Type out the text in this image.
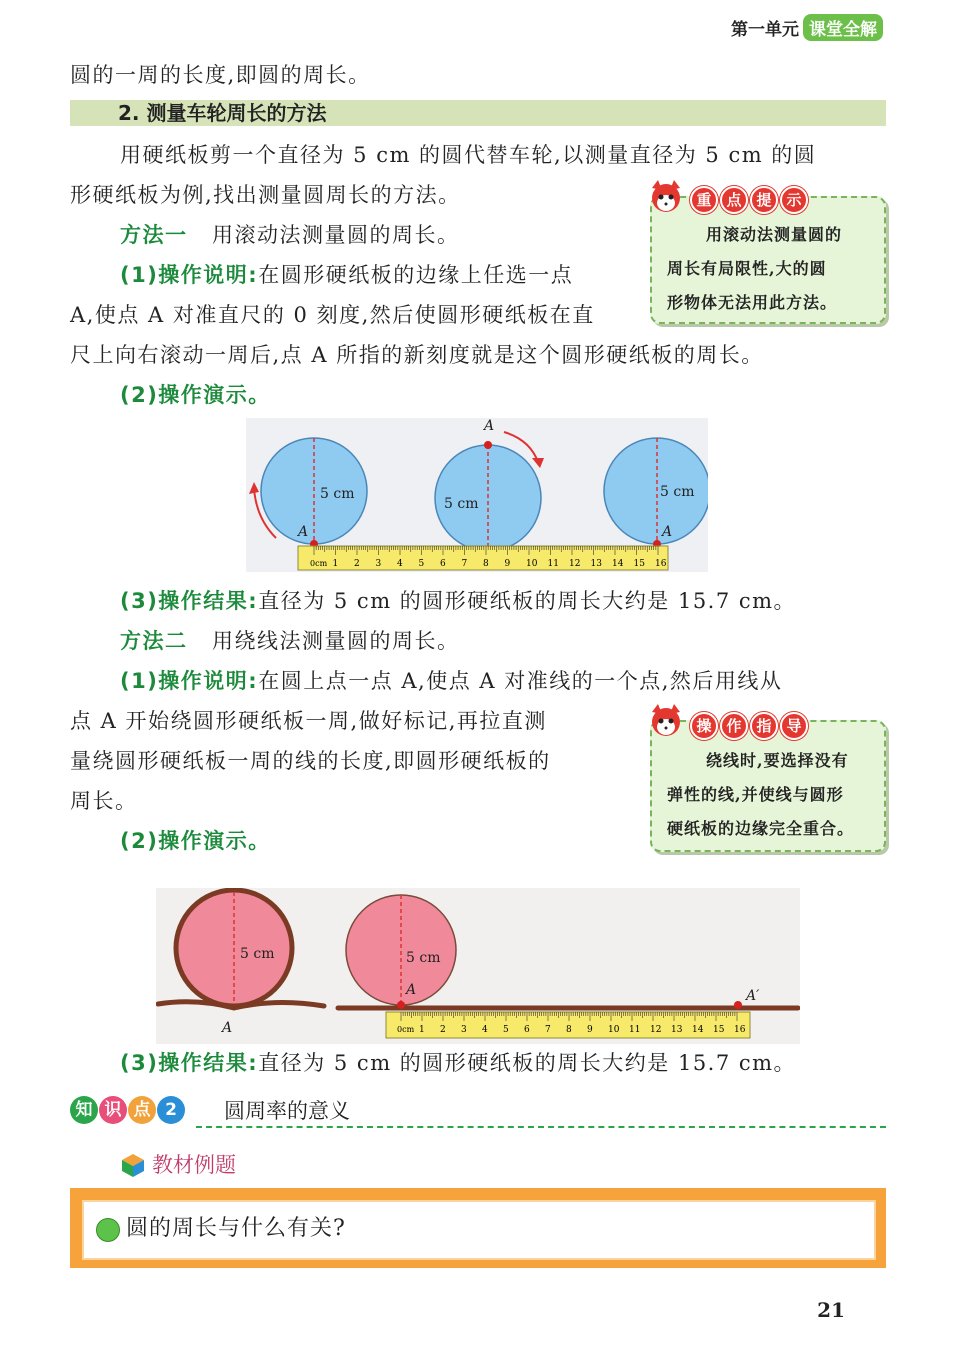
第一单元 课堂全解
圆的一周的长度,即圆的周长。
2. 测量车轮周长的方法
用硬纸板剪一个直径为 5 cm 的圆代替车轮,以测量直径为 5 cm 的圆
形硬纸板为例,找出测量圆周长的方法。
方法一 用滚动法测量圆的周长。
(1)操作说明:在圆形硬纸板的边缘上任选一点
A,使点 A 对准直尺的 0 刻度,然后使圆形硬纸板在直
尺上向右滚动一周后,点 A 所指的新刻度就是这个圆形硬纸板的周长。
(2)操作演示。
重 点 提 示
用滚动法测量圆的
周长有局限性,大的圆
形物体无法用此方法。
A
A
A
5 cm
5 cm
5 cm
0cm 1 2 3 4 5 6 7 8 9 10 11 12 13 14 15 16
(3)操作结果:直径为 5 cm 的圆形硬纸板的周长大约是 15.7 cm。
方法二 用绕线法测量圆的周长。
(1)操作说明:在圆上点一点 A,使点 A 对准线的一个点,然后用线从
点 A 开始绕圆形硬纸板一周,做好标记,再拉直测
量绕圆形硬纸板一周的线的长度,即圆形硬纸板的
周长。
(2)操作演示。
操 作 指 导
绕线时,要选择没有
弹性的线,并使线与圆形
硬纸板的边缘完全重合。
A
5 cm
A	A′
5 cm
0cm 1 2 3 4 5 6 7 8 9 10 11 12 13 14 15 16
(3)操作结果:直径为 5 cm 的圆形硬纸板的周长大约是 15.7 cm。
知 识 点 2	圆周率的意义
教材例题
圆的周长与什么有关?
21
